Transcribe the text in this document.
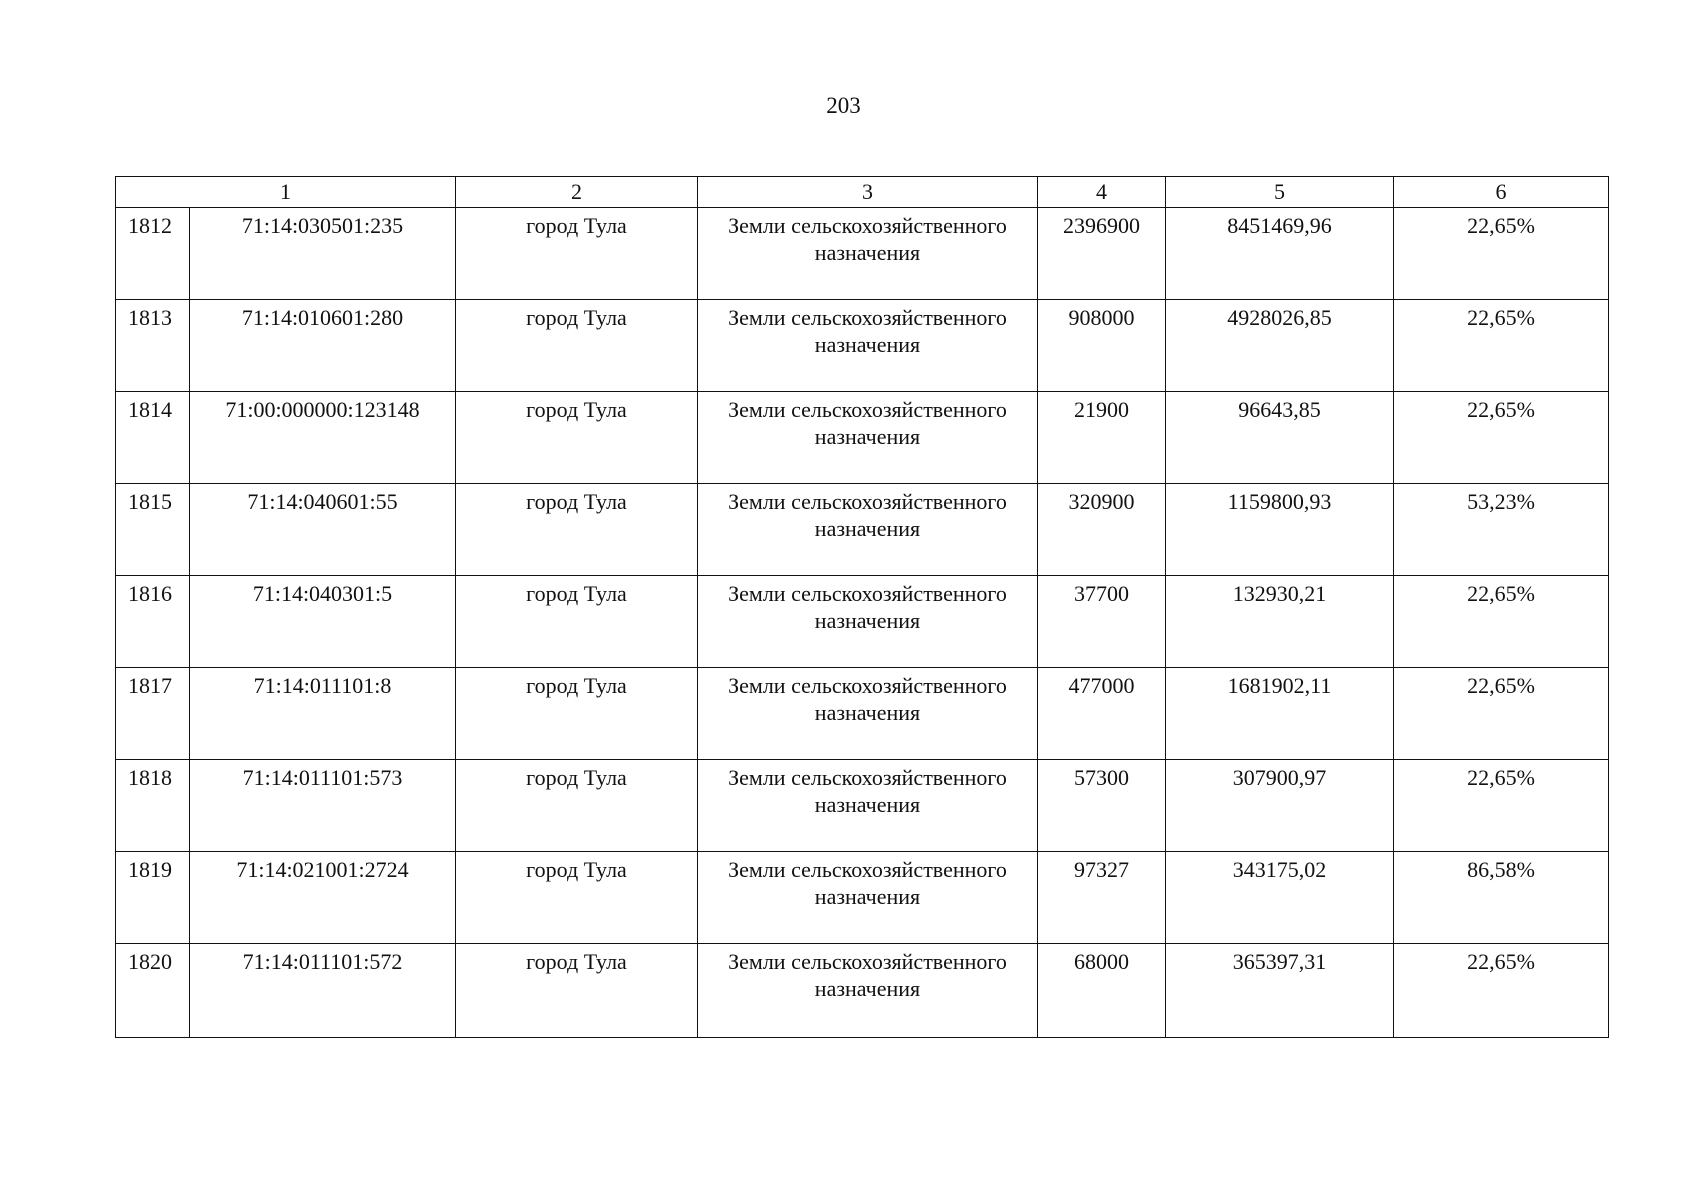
203
1		2	3	4	5	6
1812	71:14:030501:235	город Тула	Земли сельскохозяйственного назначения	2396900	8451469,96	22,65%
1813	71:14:010601:280	город Тула	Земли сельскохозяйственного назначения	908000	4928026,85	22,65%
1814	71:00:000000:123148	город Тула	Земли сельскохозяйственного назначения	21900	96643,85	22,65%
1815	71:14:040601:55	город Тула	Земли сельскохозяйственного назначения	320900	1159800,93	53,23%
1816	71:14:040301:5	город Тула	Земли сельскохозяйственного назначения	37700	132930,21	22,65%
1817	71:14:011101:8	город Тула	Земли сельскохозяйственного назначения	477000	1681902,11	22,65%
1818	71:14:011101:573	город Тула	Земли сельскохозяйственного назначения	57300	307900,97	22,65%
1819	71:14:021001:2724	город Тула	Земли сельскохозяйственного назначения	97327	343175,02	86,58%
1820	71:14:011101:572	город Тула	Земли сельскохозяйственного назначения	68000	365397,31	22,65%
